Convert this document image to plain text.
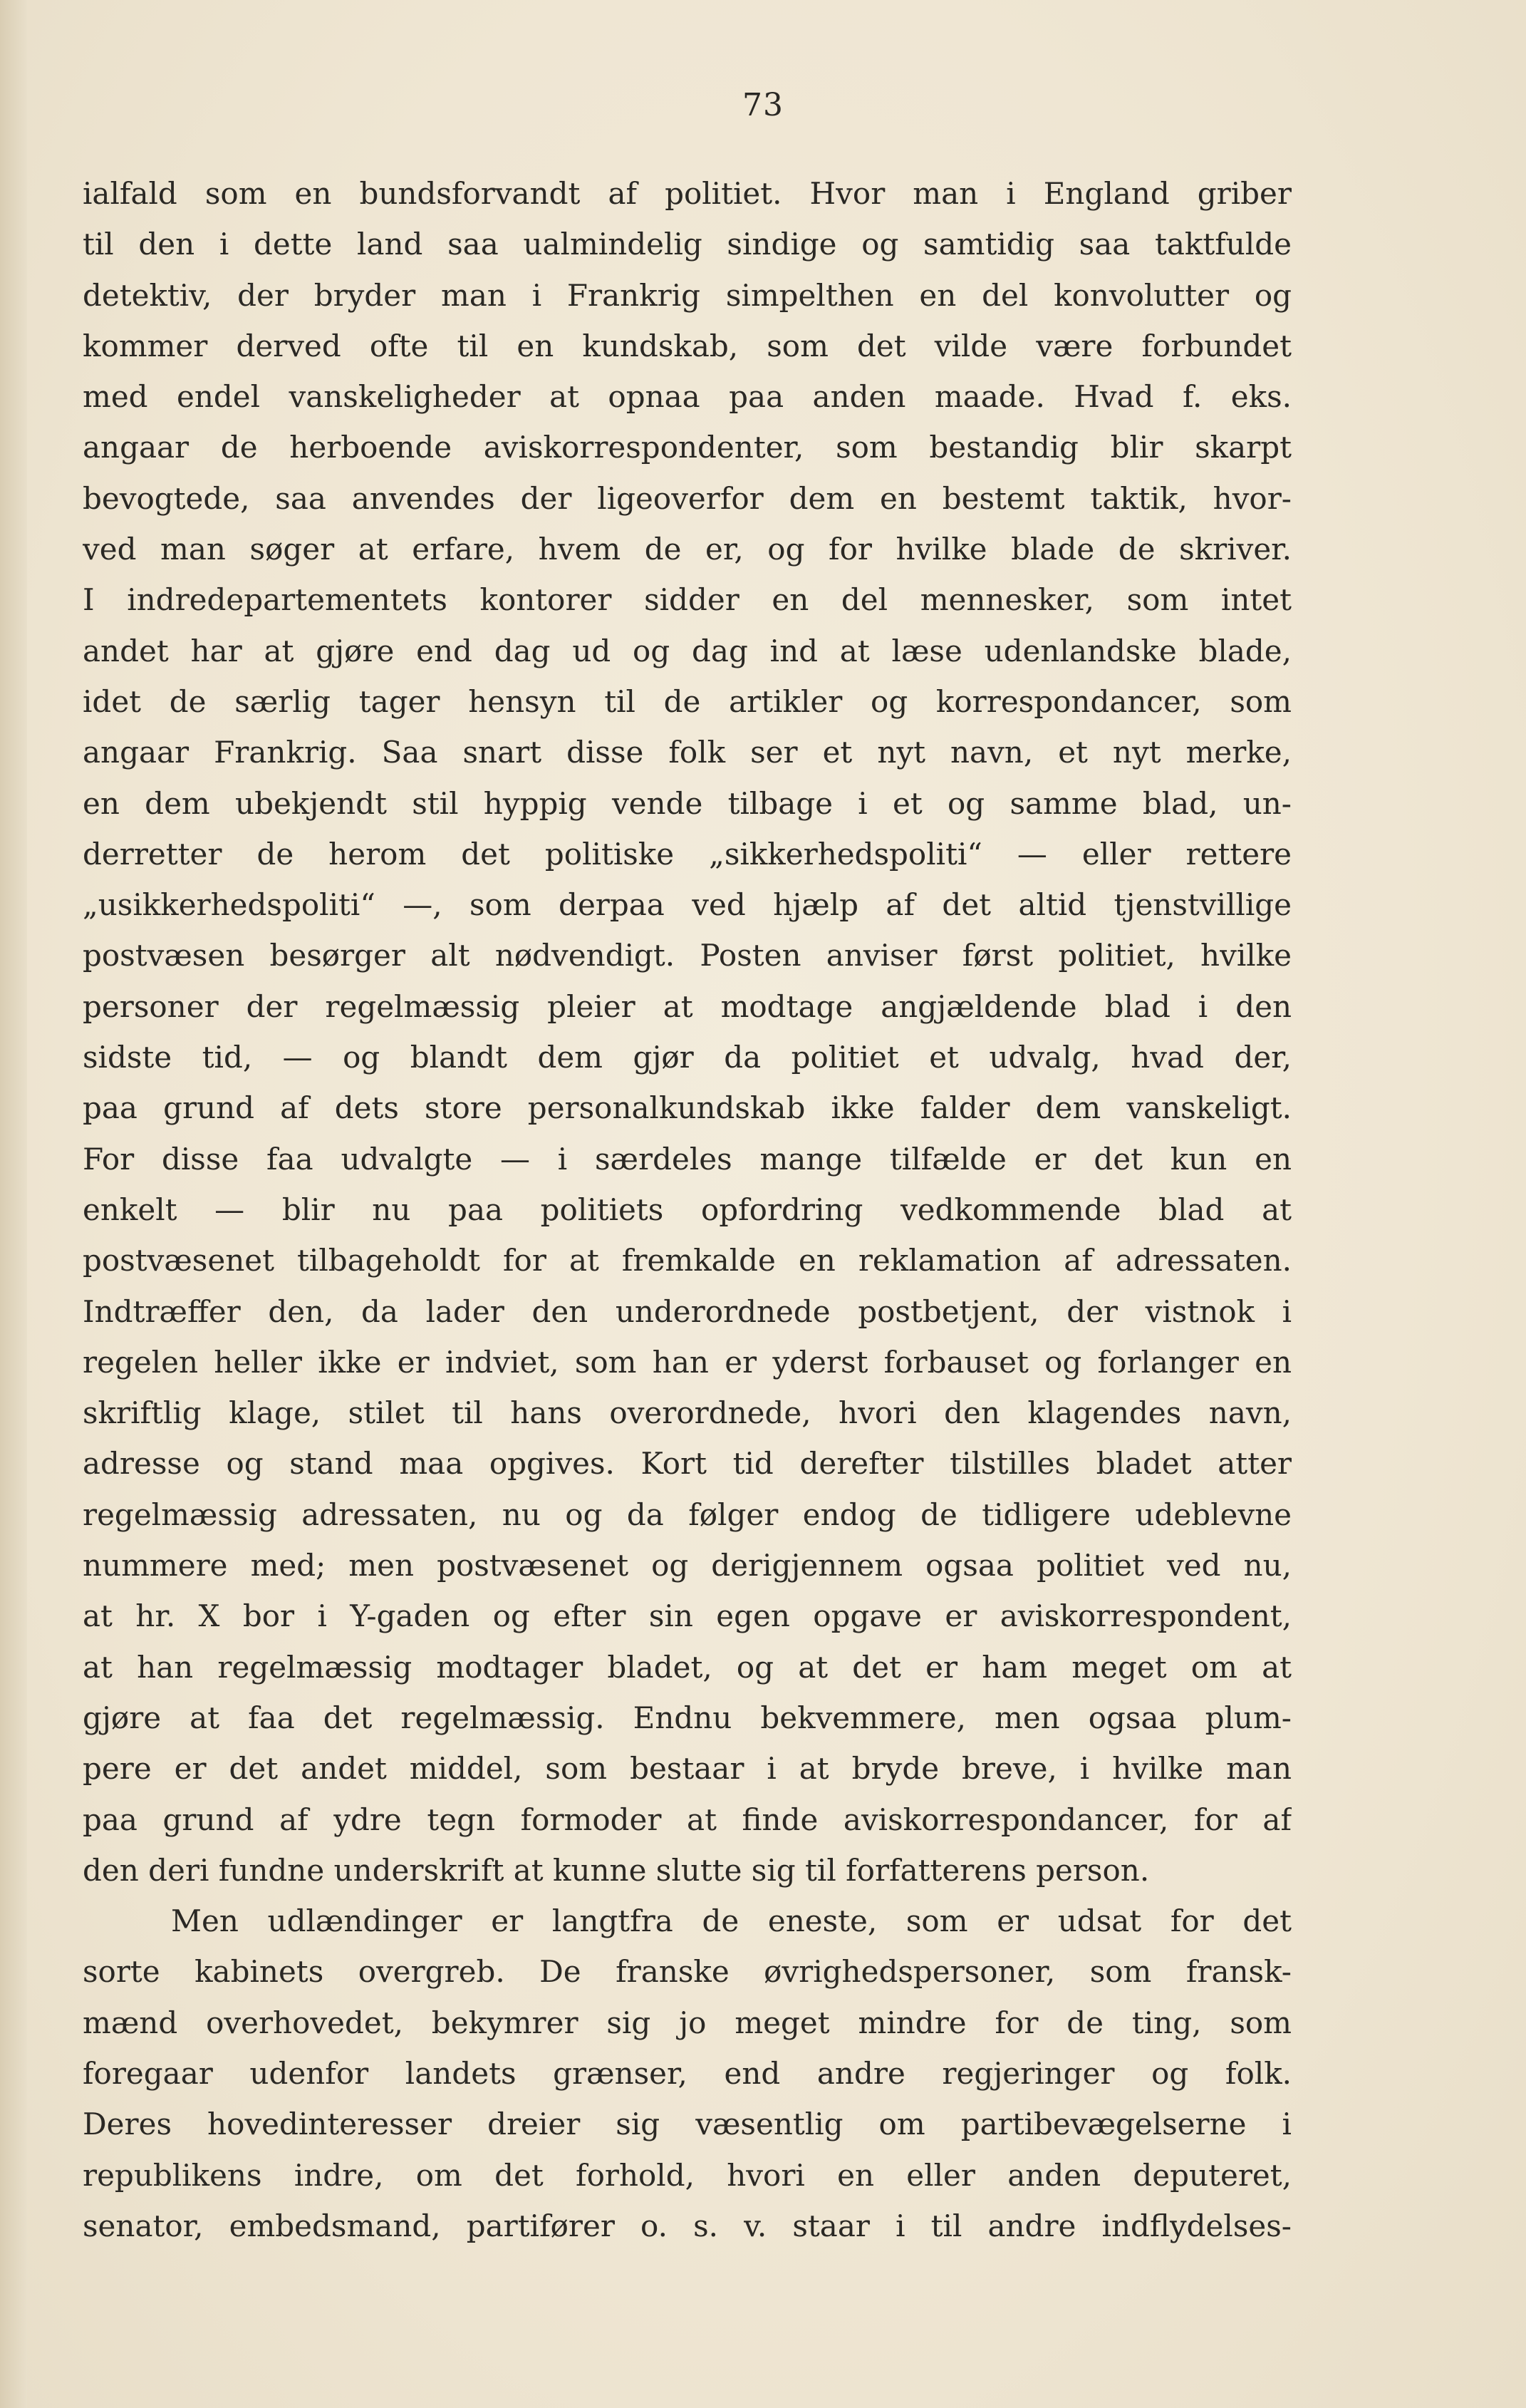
73
ialfald som en bundsforvandt af politiet. Hvor man i England griber
til den i dette land saa ualmindelig sindige og samtidig saa taktfulde
detektiv, der bryder man i Frankrig simpelthen en del konvolutter og
kommer derved ofte til en kundskab, som det vilde være forbundet
med endel vanskeligheder at opnaa paa anden maade. Hvad f. eks.
angaar de herboende aviskorrespondenter, som bestandig blir skarpt
bevogtede, saa anvendes der ligeoverfor dem en bestemt taktik, hvor-
ved man søger at erfare, hvem de er, og for hvilke blade de skriver.
I indredepartementets kontorer sidder en del mennesker, som intet
andet har at gjøre end dag ud og dag ind at læse udenlandske blade,
idet de særlig tager hensyn til de artikler og korrespondancer, som
angaar Frankrig. Saa snart disse folk ser et nyt navn, et nyt merke,
en dem ubekjendt stil hyppig vende tilbage i et og samme blad, un-
derretter de herom det politiske „sikkerhedspoliti“ — eller rettere
„usikkerhedspoliti“ —, som derpaa ved hjælp af det altid tjenstvillige
postvæsen besørger alt nødvendigt. Posten anviser først politiet, hvilke
personer der regelmæssig pleier at modtage angjældende blad i den
sidste tid, — og blandt dem gjør da politiet et udvalg, hvad der,
paa grund af dets store personalkundskab ikke falder dem vanskeligt.
For disse faa udvalgte — i særdeles mange tilfælde er det kun en
enkelt — blir nu paa politiets opfordring vedkommende blad at
postvæsenet tilbageholdt for at fremkalde en reklamation af adressaten.
Indtræffer den, da lader den underordnede postbetjent, der vistnok i
regelen heller ikke er indviet, som han er yderst forbauset og forlanger en
skriftlig klage, stilet til hans overordnede, hvori den klagendes navn,
adresse og stand maa opgives. Kort tid derefter tilstilles bladet atter
regelmæssig adressaten, nu og da følger endog de tidligere udeblevne
nummere med; men postvæsenet og derigjennem ogsaa politiet ved nu,
at hr. X bor i Y-gaden og efter sin egen opgave er aviskorrespondent,
at han regelmæssig modtager bladet, og at det er ham meget om at
gjøre at faa det regelmæssig. Endnu bekvemmere, men ogsaa plum-
pere er det andet middel, som bestaar i at bryde breve, i hvilke man
paa grund af ydre tegn formoder at finde aviskorrespondancer, for af
den deri fundne underskrift at kunne slutte sig til forfatterens person.
Men udlændinger er langtfra de eneste, som er udsat for det
sorte kabinets overgreb. De franske øvrighedspersoner, som fransk-
mænd overhovedet, bekymrer sig jo meget mindre for de ting, som
foregaar udenfor landets grænser, end andre regjeringer og folk.
Deres hovedinteresser dreier sig væsentlig om partibevægelserne i
republikens indre, om det forhold, hvori en eller anden deputeret,
senator, embedsmand, partifører o. s. v. staar i til andre indflydelses-
